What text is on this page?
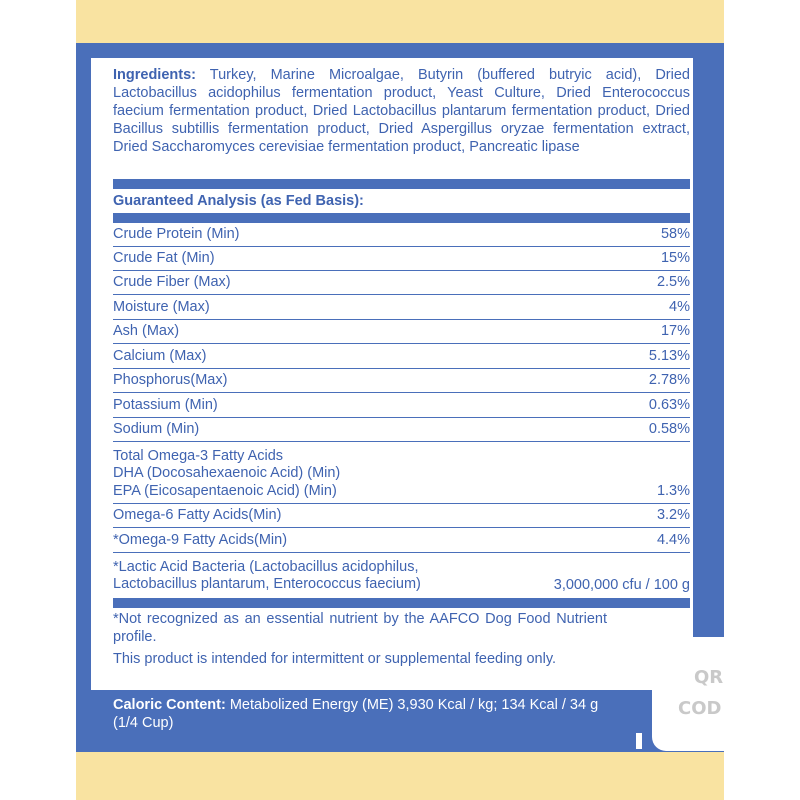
Ingredients: Turkey, Marine Microalgae, Butyrin (buffered butryic acid), Dried Lactobacillus acidophilus fermentation product, Yeast Culture, Dried Enterococcus faecium fermentation product, Dried Lactobacillus plantarum fermentation product, Dried Bacillus subtillis fermentation product, Dried Aspergillus oryzae fermentation extract, Dried Saccharomyces cerevisiae fermentation product, Pancreatic lipase
Guaranteed Analysis (as Fed Basis):
Crude Protein (Min)	58%
Crude Fat (Min)	15%
Crude Fiber (Max)	2.5%
Moisture (Max)	4%
Ash (Max)	17%
Calcium (Max)	5.13%
Phosphorus(Max)	2.78%
Potassium (Min)	0.63%
Sodium (Min)	0.58%
Total Omega-3 Fatty Acids
DHA (Docosahexaenoic Acid) (Min)
EPA (Eicosapentaenoic Acid) (Min)	1.3%
Omega-6 Fatty Acids(Min)	3.2%
*Omega-9 Fatty Acids(Min)	4.4%
*Lactic Acid Bacteria (Lactobacillus acidophilus,
Lactobacillus plantarum, Enterococcus faecium)	3,000,000 cfu / 100 g
*Not recognized as an essential nutrient by the AAFCO Dog Food Nutrient profile.
This product is intended for intermittent or supplemental feeding only.
Caloric Content: Metabolized Energy (ME) 3,930 Kcal / kg; 134 Kcal / 34 g (1/4 Cup)
QR
COD
